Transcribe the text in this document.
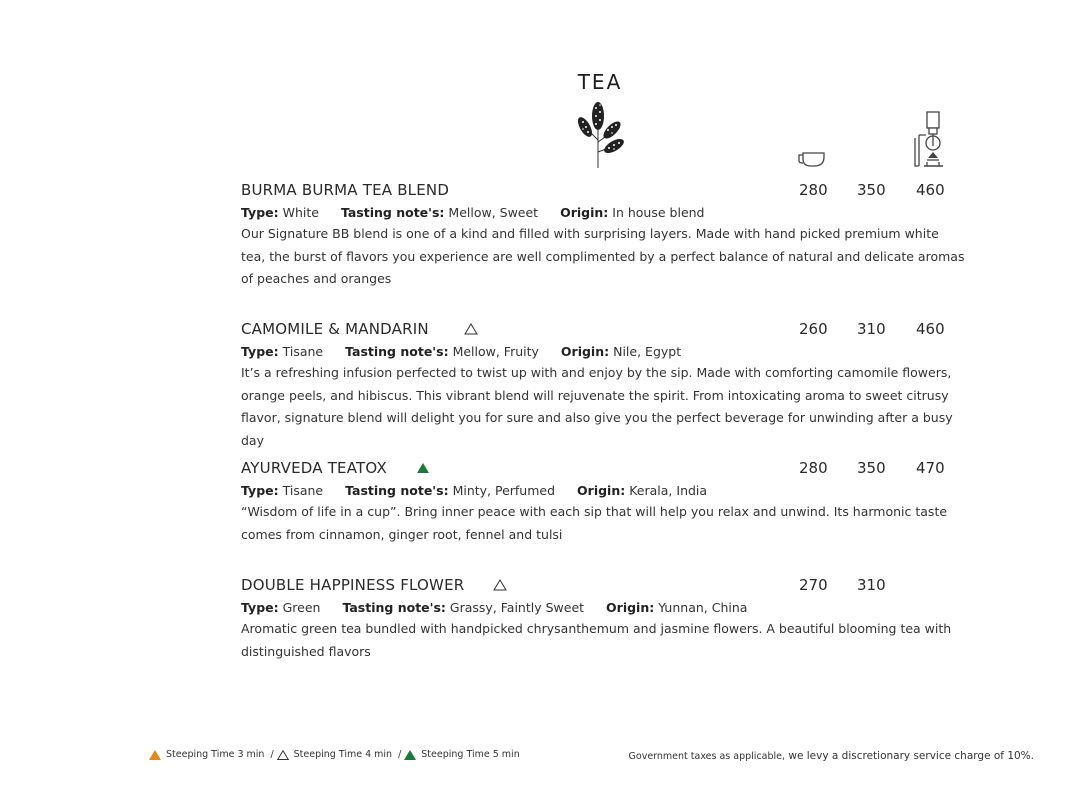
TEA
BURMA BURMA TEA BLEND	280 350 460
Type: White Tasting note's: Mellow, Sweet Origin: In house blend
Our Signature BB blend is one of a kind and filled with surprising layers. Made with hand picked premium white tea, the burst of flavors you experience are well complimented by a perfect balance of natural and delicate aromas of peaches and oranges
CAMOMILE & MANDARIN	260 310 460
Type: Tisane Tasting note's: Mellow, Fruity Origin: Nile, Egypt
It’s a refreshing infusion perfected to twist up with and enjoy by the sip. Made with comforting camomile flowers, orange peels, and hibiscus. This vibrant blend will rejuvenate the spirit. From intoxicating aroma to sweet citrusy flavor, signature blend will delight you for sure and also give you the perfect beverage for unwinding after a busy day
AYURVEDA TEATOX	280 350 470
Type: Tisane Tasting note's: Minty, Perfumed Origin: Kerala, India
“Wisdom of life in a cup”. Bring inner peace with each sip that will help you relax and unwind. Its harmonic taste comes from cinnamon, ginger root, fennel and tulsi
DOUBLE HAPPINESS FLOWER	270 310
Type: Green Tasting note's: Grassy, Faintly Sweet Origin: Yunnan, China
Aromatic green tea bundled with handpicked chrysanthemum and jasmine flowers. A beautiful blooming tea with distinguished flavors
Steeping Time 3 min / Steeping Time 4 min / Steeping Time 5 min	Government taxes as applicable, we levy a discretionary service charge of 10%.
